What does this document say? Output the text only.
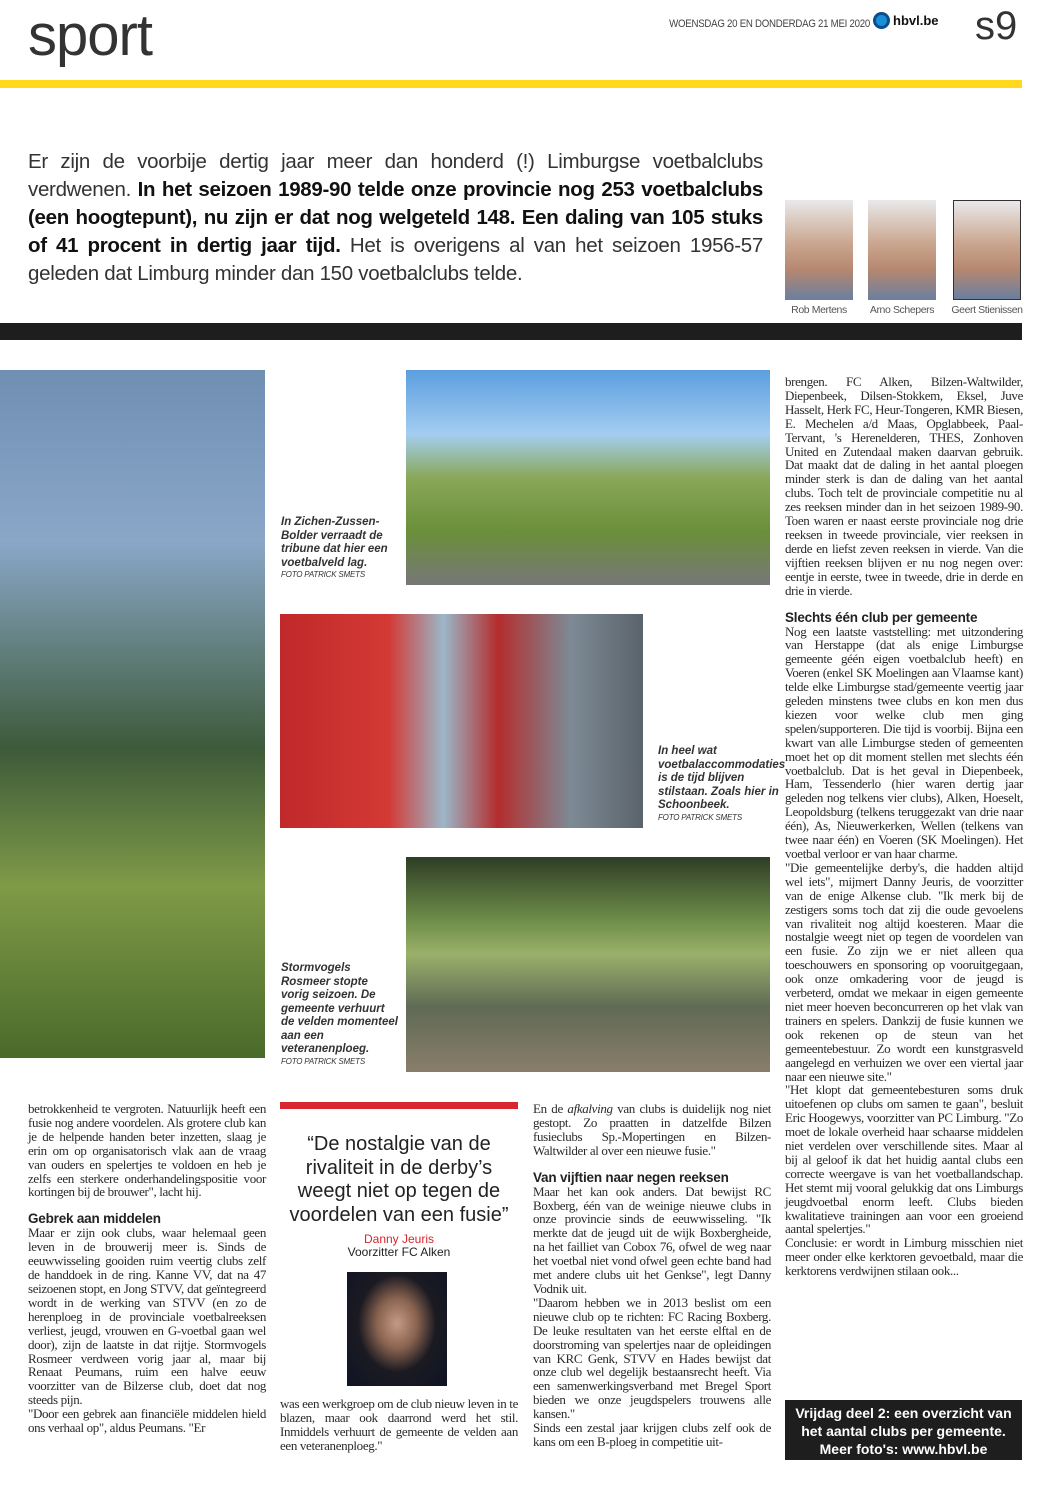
sport	WOENSDAG 20 EN DONDERDAG 21 MEI 2020 hbvl.be s9
Er zijn de voorbije dertig jaar meer dan honderd (!) Limburgse voetbalclubs verdwenen. In het seizoen 1989-90 telde onze provincie nog 253 voetbalclubs (een hoogtepunt), nu zijn er dat nog welgeteld 148. Een daling van 105 stuks of 41 procent in dertig jaar tijd. Het is overigens al van het seizoen 1956-57 geleden dat Limburg minder dan 150 voetbalclubs telde.
Rob Mertens	Arno Schepers	Geert Stienissen
In Zichen-Zussen-Bolder verraadt de tribune dat hier een voetbalveld lag.
FOTO PATRICK SMETS
In heel wat voetbalaccommodaties is de tijd blijven stilstaan. Zoals hier in Schoonbeek.
FOTO PATRICK SMETS
Stormvogels Rosmeer stopte vorig seizoen. De gemeente verhuurt de velden momenteel aan een veteranenploeg.
FOTO PATRICK SMETS

brengen. FC Alken, Bilzen-Waltwilder, Diepenbeek, Dilsen-Stokkem, Eksel, Juve Hasselt, Herk FC, Heur-Tongeren, KMR Biesen, E. Mechelen a/d Maas, Opglabbeek, Paal-Tervant, 's Herenelderen, THES, Zonhoven United en Zutendaal maken daarvan gebruik. Dat maakt dat de daling in het aantal ploegen minder sterk is dan de daling van het aantal clubs. Toch telt de provinciale competitie nu al zes reeksen minder dan in het seizoen 1989-90. Toen waren er naast eerste provinciale nog drie reeksen in tweede provinciale, vier reeksen in derde en liefst zeven reeksen in vierde. Van die vijftien reeksen blijven er nu nog negen over: eentje in eerste, twee in tweede, drie in derde en drie in vierde.

Slechts één club per gemeente

Nog een laatste vaststelling: met uitzondering van Herstappe (dat als enige Limburgse gemeente géén eigen voetbalclub heeft) en Voeren (enkel SK Moelingen aan Vlaamse kant) telde elke Limburgse stad/gemeente veertig jaar geleden minstens twee clubs en kon men dus kiezen voor welke club men ging spelen/supporteren. Die tijd is voorbij. Bijna een kwart van alle Limburgse steden of gemeenten moet het op dit moment stellen met slechts één voetbalclub. Dat is het geval in Diepenbeek, Ham, Tessenderlo (hier waren dertig jaar geleden nog telkens vier clubs), Alken, Hoeselt, Leopoldsburg (telkens teruggezakt van drie naar één), As, Nieuwerkerken, Wellen (telkens van twee naar één) en Voeren (SK Moelingen). Het voetbal verloor er van haar charme.

"Die gemeentelijke derby's, die hadden altijd wel iets", mijmert Danny Jeuris, de voorzitter van de enige Alkense club. "Ik merk bij de zestigers soms toch dat zij die oude gevoelens van rivaliteit nog altijd koesteren. Maar die nostalgie weegt niet op tegen de voordelen van een fusie. Zo zijn we er niet alleen qua toeschouwers en sponsoring op vooruitgegaan, ook onze omkadering voor de jeugd is verbeterd, omdat we mekaar in eigen gemeente niet meer hoeven beconcurreren op het vlak van trainers en spelers. Dankzij de fusie kunnen we ook rekenen op de steun van het gemeentebestuur. Zo wordt een kunstgrasveld aangelegd en verhuizen we over een viertal jaar naar een nieuwe site."

"Het klopt dat gemeentebesturen soms druk uitoefenen op clubs om samen te gaan", besluit Eric Hoogewys, voorzitter van PC Limburg. "Zo moet de lokale overheid haar schaarse middelen niet verdelen over verschillende sites. Maar al bij al geloof ik dat het huidig aantal clubs een correcte weergave is van het voetballandschap. Het stemt mij vooral gelukkig dat ons Limburgs jeugdvoetbal enorm leeft. Clubs bieden kwalitatieve trainingen aan voor een groeiend aantal spelertjes."

Conclusie: er wordt in Limburg misschien niet meer onder elke kerktoren gevoetbald, maar die kerktorens verdwijnen stilaan ook...

betrokkenheid te vergroten. Natuurlijk heeft een fusie nog andere voordelen. Als grotere club kan je de helpende handen beter inzetten, slaag je erin om op organisatorisch vlak aan de vraag van ouders en spelertjes te voldoen en heb je zelfs een sterkere onderhandelingspositie voor kortingen bij de brouwer", lacht hij.

Gebrek aan middelen

Maar er zijn ook clubs, waar helemaal geen leven in de brouwerij meer is. Sinds de eeuwwisseling gooiden ruim veertig clubs zelf de handdoek in de ring. Kanne VV, dat na 47 seizoenen stopt, en Jong STVV, dat geïntegreerd wordt in de werking van STVV (en zo de herenploeg in de provinciale voetbalreeksen verliest, jeugd, vrouwen en G-voetbal gaan wel door), zijn de laatste in dat rijtje. Stormvogels Rosmeer verdween vorig jaar al, maar bij Renaat Peumans, ruim een halve eeuw voorzitter van de Bilzerse club, doet dat nog steeds pijn.

"Door een gebrek aan financiële middelen hield ons verhaal op", aldus Peumans. "Er

“De nostalgie van de rivaliteit in de derby’s weegt niet op tegen de voordelen van een fusie”
Danny Jeuris
Voorzitter FC Alken

was een werkgroep om de club nieuw leven in te blazen, maar ook daarrond werd het stil. Inmiddels verhuurt de gemeente de velden aan een veteranenploeg."

En de afkalving van clubs is duidelijk nog niet gestopt. Zo praatten in datzelfde Bilzen fusieclubs Sp.-Mopertingen en Bilzen-Waltwilder al over een nieuwe fusie."

Van vijftien naar negen reeksen

Maar het kan ook anders. Dat bewijst RC Boxberg, één van de weinige nieuwe clubs in onze provincie sinds de eeuwwisseling. "Ik merkte dat de jeugd uit de wijk Boxbergheide, na het failliet van Cobox 76, ofwel de weg naar het voetbal niet vond ofwel geen echte band had met andere clubs uit het Genkse", legt Danny Vodnik uit.

"Daarom hebben we in 2013 beslist om een nieuwe club op te richten: FC Racing Boxberg. De leuke resultaten van het eerste elftal en de doorstroming van spelertjes naar de opleidingen van KRC Genk, STVV en Hades bewijst dat onze club wel degelijk bestaansrecht heeft. Via een samenwerkingsverband met Bregel Sport bieden we onze jeugdspelers trouwens alle kansen."

Sinds een zestal jaar krijgen clubs zelf ook de kans om een B-ploeg in competitie uit-

Vrijdag deel 2: een overzicht van
het aantal clubs per gemeente.
Meer foto's: www.hbvl.be
